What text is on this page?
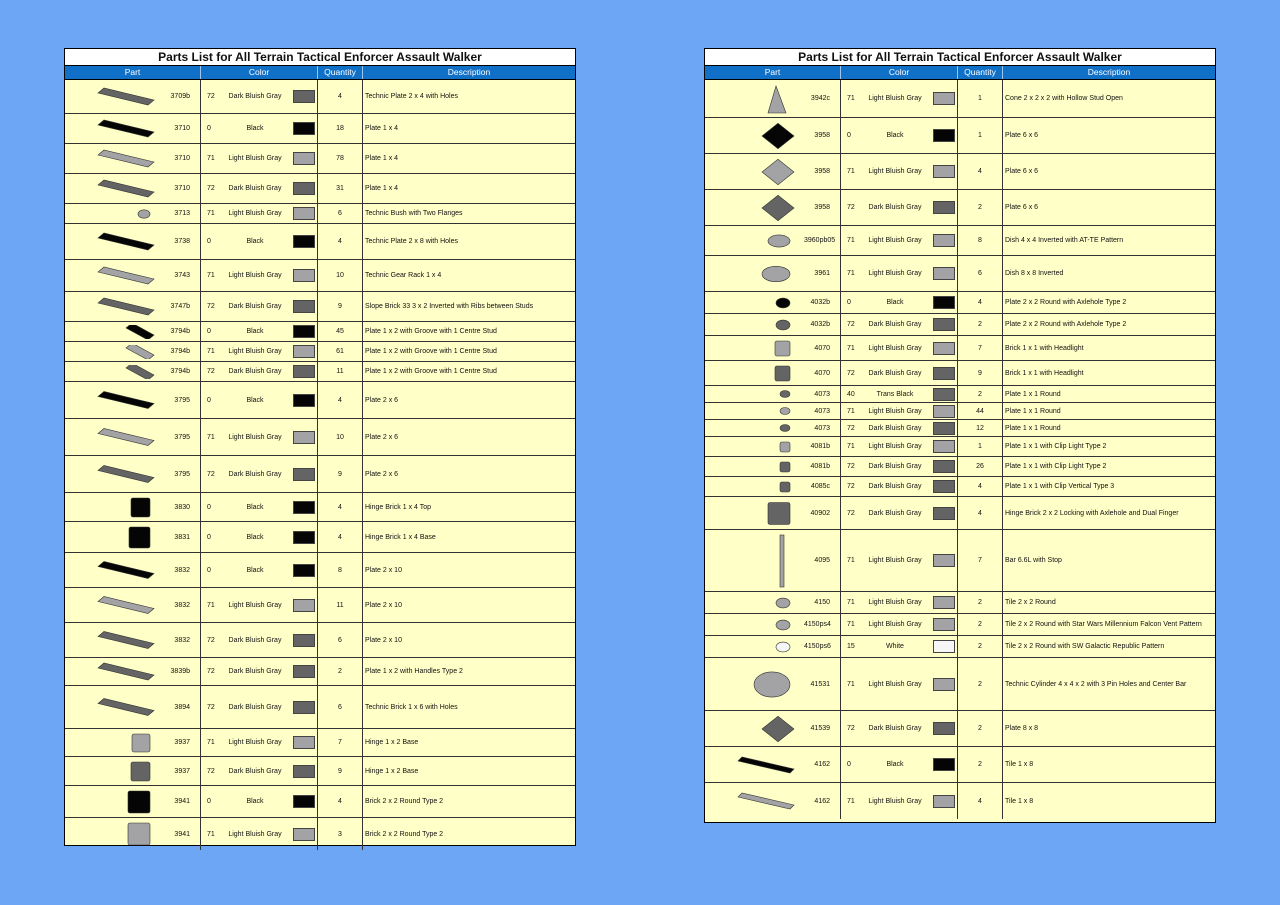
Parts List for All Terrain Tactical Enforcer Assault Walker
Part	Color	Quantity	Description
3709b 72	Dark Bluish Gray	4	Technic Plate 2 x 4 with Holes
3710 0	Black	18	Plate 1 x 4
3710 71	Light Bluish Gray	78	Plate 1 x 4
3710 72	Dark Bluish Gray	31	Plate 1 x 4
3713 71	Light Bluish Gray	6	Technic Bush with Two Flanges
3738 0	Black	4	Technic Plate 2 x 8 with Holes
3743 71	Light Bluish Gray	10	Technic Gear Rack 1 x 4
3747b 72	Dark Bluish Gray	9	Slope Brick 33 3 x 2 Inverted with Ribs between Studs
3794b 0	Black	45	Plate 1 x 2 with Groove with 1 Centre Stud
3794b 71	Light Bluish Gray	61	Plate 1 x 2 with Groove with 1 Centre Stud
3794b 72	Dark Bluish Gray	11	Plate 1 x 2 with Groove with 1 Centre Stud
3795 0	Black	4	Plate 2 x 6
3795 71	Light Bluish Gray	10	Plate 2 x 6
3795 72	Dark Bluish Gray	9	Plate 2 x 6
3830 0	Black	4	Hinge Brick 1 x 4 Top
3831 0	Black	4	Hinge Brick 1 x 4 Base
3832 0	Black	8	Plate 2 x 10
3832 71	Light Bluish Gray	11	Plate 2 x 10
3832 72	Dark Bluish Gray	6	Plate 2 x 10
3839b 72	Dark Bluish Gray	2	Plate 1 x 2 with Handles Type 2
3894 72	Dark Bluish Gray	6	Technic Brick 1 x 6 with Holes
3937 71	Light Bluish Gray	7	Hinge 1 x 2 Base
3937 72	Dark Bluish Gray	9	Hinge 1 x 2 Base
3941 0	Black	4	Brick 2 x 2 Round Type 2
3941 71	Light Bluish Gray	3	Brick 2 x 2 Round Type 2
Parts List for All Terrain Tactical Enforcer Assault Walker
Part	Color	Quantity	Description
3942c 71	Light Bluish Gray	1	Cone 2 x 2 x 2 with Hollow Stud Open
3958 0	Black	1	Plate 6 x 6
3958 71	Light Bluish Gray	4	Plate 6 x 6
3958 72	Dark Bluish Gray	2	Plate 6 x 6
3960pb05 71	Light Bluish Gray	8	Dish 4 x 4 Inverted with AT-TE Pattern
3961 71	Light Bluish Gray	6	Dish 8 x 8 Inverted
4032b 0	Black	4	Plate 2 x 2 Round with Axlehole Type 2
4032b 72	Dark Bluish Gray	2	Plate 2 x 2 Round with Axlehole Type 2
4070 71	Light Bluish Gray	7	Brick 1 x 1 with Headlight
4070 72	Dark Bluish Gray	9	Brick 1 x 1 with Headlight
4073 40	Trans Black	2	Plate 1 x 1 Round
4073 71	Light Bluish Gray	44	Plate 1 x 1 Round
4073 72	Dark Bluish Gray	12	Plate 1 x 1 Round
4081b 71	Light Bluish Gray	1	Plate 1 x 1 with Clip Light Type 2
4081b 72	Dark Bluish Gray	26	Plate 1 x 1 with Clip Light Type 2
4085c 72	Dark Bluish Gray	4	Plate 1 x 1 with Clip Vertical Type 3
40902 72	Dark Bluish Gray	4	Hinge Brick 2 x 2 Locking with Axlehole and Dual Finger
4095 71	Light Bluish Gray	7	Bar 6.6L with Stop
4150 71	Light Bluish Gray	2	Tile 2 x 2 Round
4150ps4 71	Light Bluish Gray	2	Tile 2 x 2 Round with Star Wars Millennium Falcon Vent Pattern
4150ps6 15	White	2	Tile 2 x 2 Round with SW Galactic Republic Pattern
41531 71	Light Bluish Gray	2	Technic Cylinder 4 x 4 x 2 with 3 Pin Holes and Center Bar
41539 72	Dark Bluish Gray	2	Plate 8 x 8
4162 0	Black	2	Tile 1 x 8
4162 71	Light Bluish Gray	4	Tile 1 x 8
